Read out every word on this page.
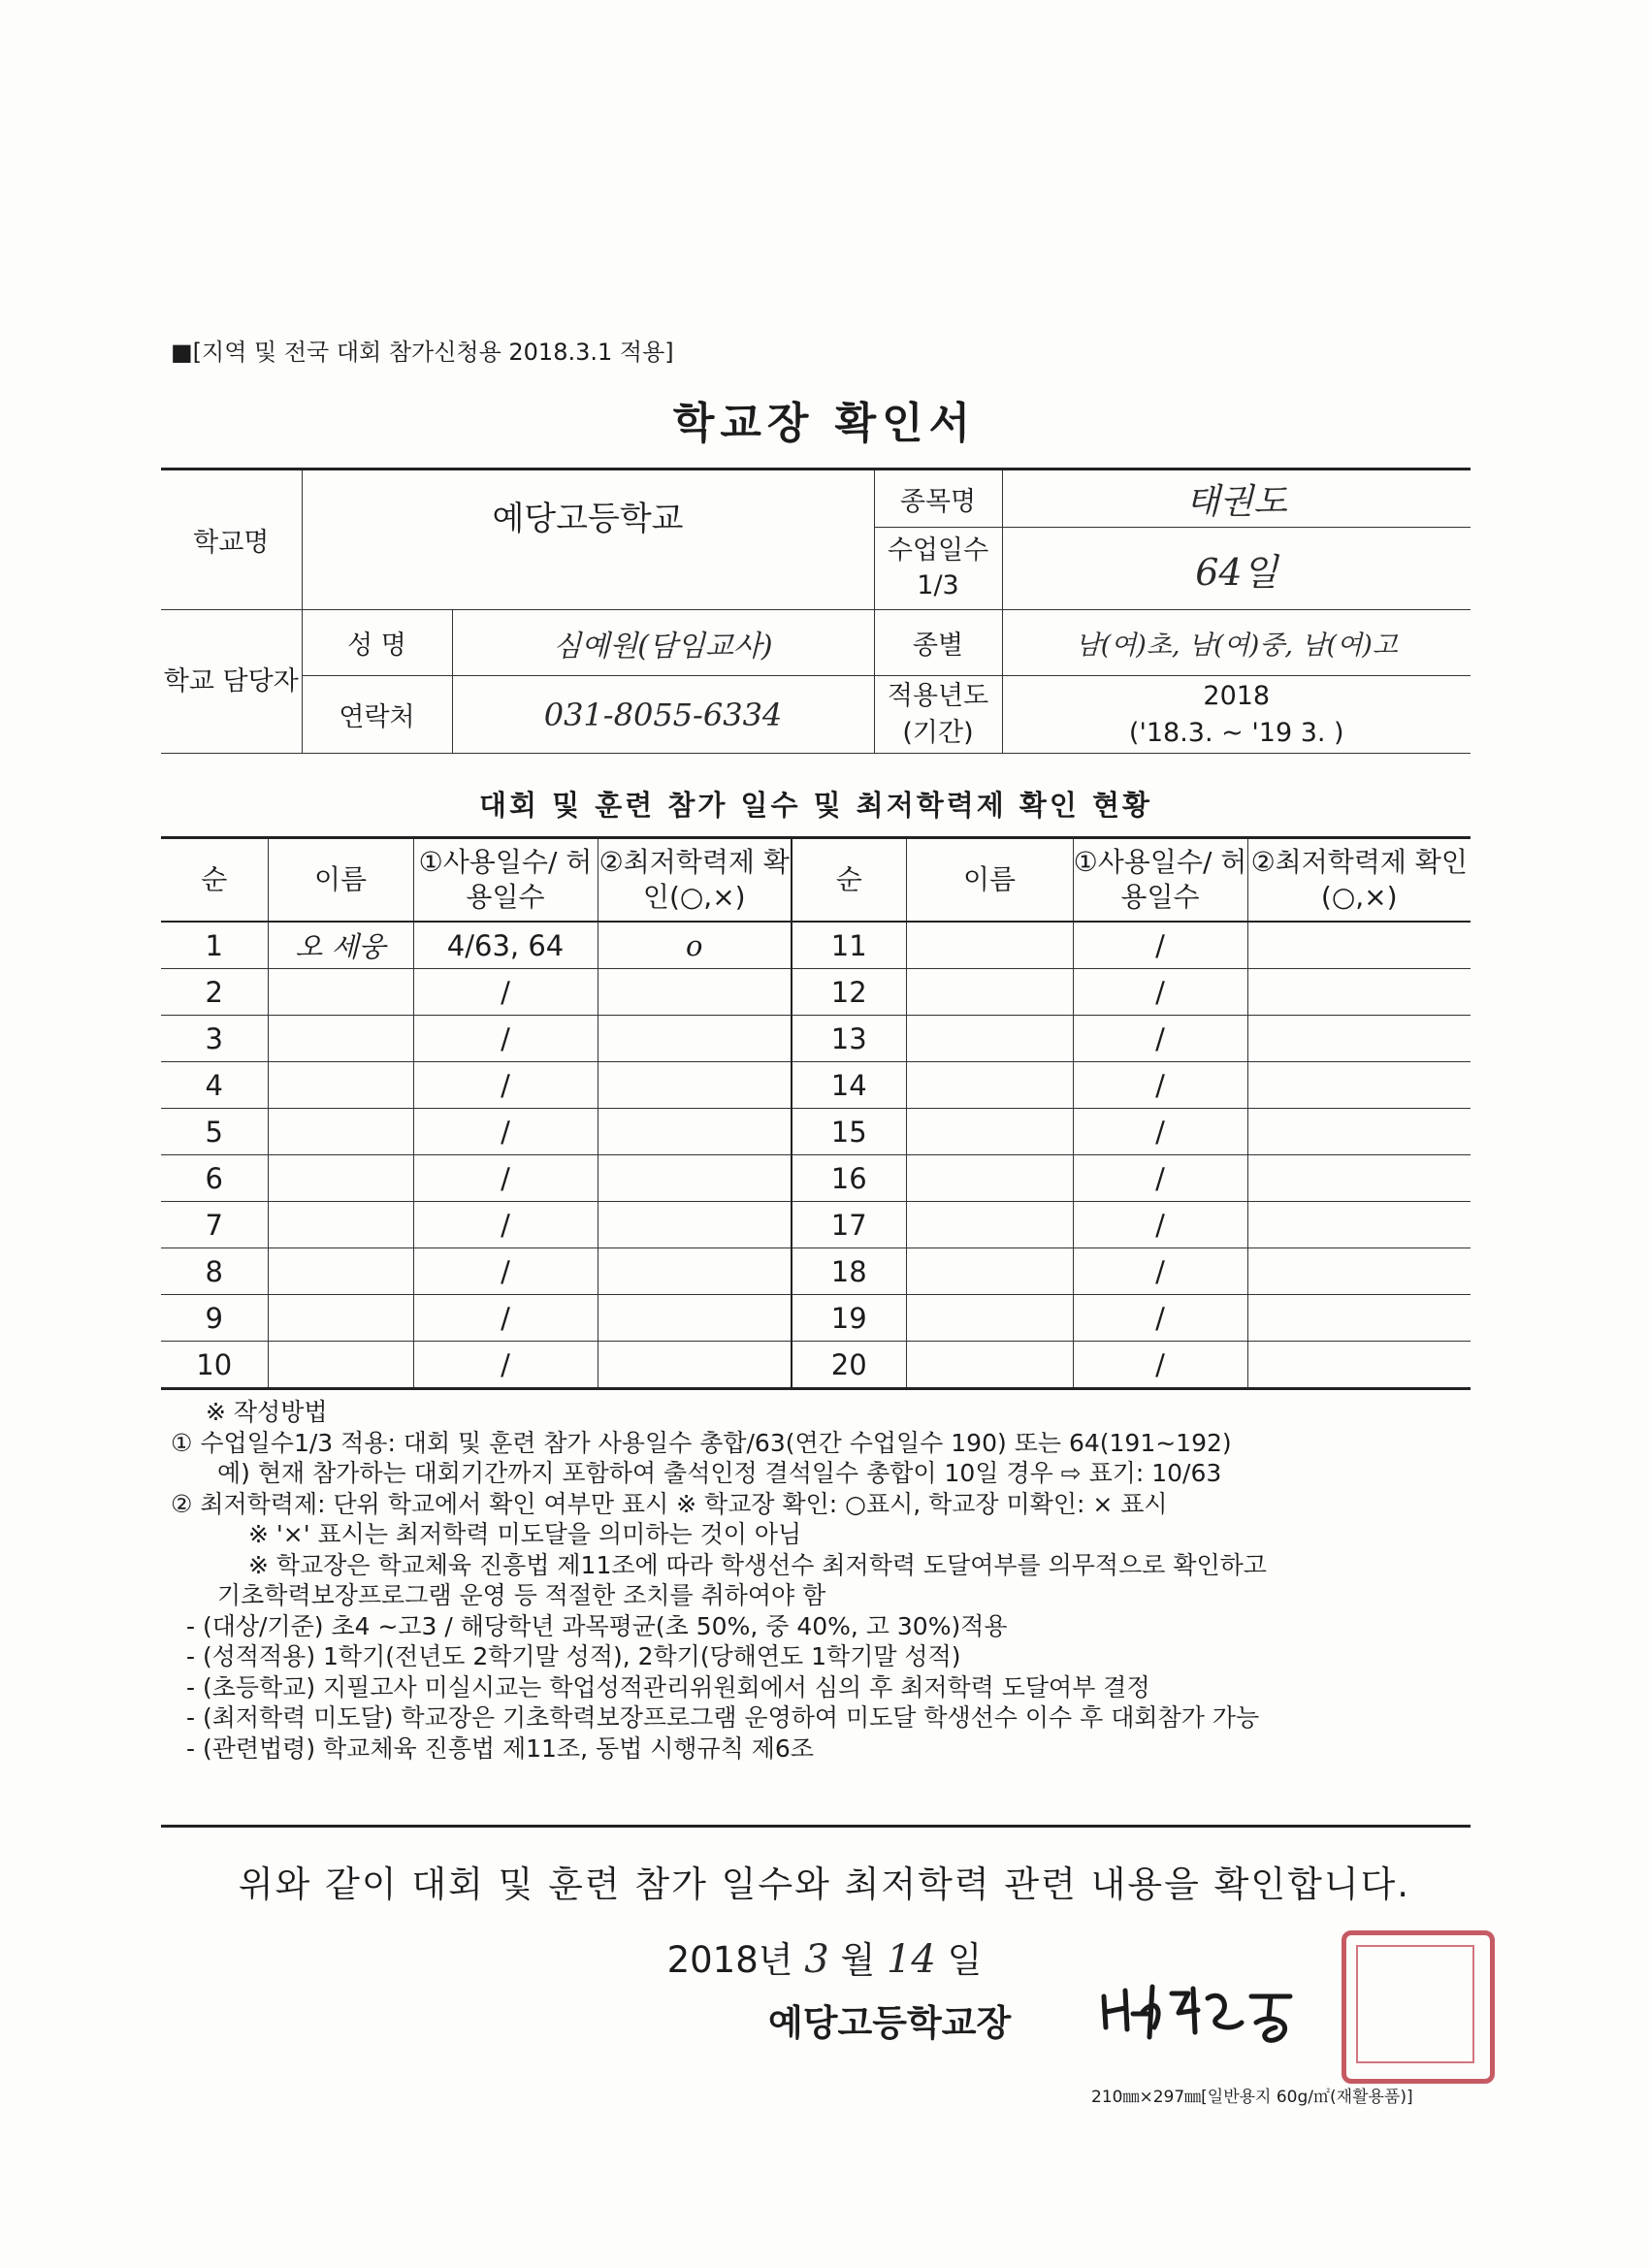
■[지역 및 전국 대회 참가신청용 2018.3.1 적용]
학교장 확인서
학교명	예당고등학교		종목명	태권도
			수업일수 1/3	64일
학교 담당자	성 명	심예원(담임교사)	종별	남(여)초, 남(여)중, 남(여)고
	연락처	031-8055-6334	적용년도 (기간)	2018
('18.3. ~ '19 3. )
대회 및 훈련 참가 일수 및 최저학력제 확인 현황
순	이름	①사용일수/ 허용일수	②최저학력제 확인(○,×)	순	이름	①사용일수/ 허용일수	②최저학력제 확인(○,×)
1	오 세웅	4/63, 64	o	11		/	
2		/		12		/	
3		/		13		/	
4		/		14		/	
5		/		15		/	
6		/		16		/	
7		/		17		/	
8		/		18		/	
9		/		19		/	
10		/		20		/	
※ 작성방법
① 수업일수1/3 적용: 대회 및 훈련 참가 사용일수 총합/63(연간 수업일수 190) 또는 64(191~192)
예) 현재 참가하는 대회기간까지 포함하여 출석인정 결석일수 총합이 10일 경우 ⇨ 표기: 10/63
② 최저학력제: 단위 학교에서 확인 여부만 표시 ※ 학교장 확인: ○표시, 학교장 미확인: × 표시
※ '×' 표시는 최저학력 미도달을 의미하는 것이 아님
※ 학교장은 학교체육 진흥법 제11조에 따라 학생선수 최저학력 도달여부를 의무적으로 확인하고
기초학력보장프로그램 운영 등 적절한 조치를 취하여야 함
- (대상/기준) 초4 ~고3 / 해당학년 과목평균(초 50%, 중 40%, 고 30%)적용
- (성적적용) 1학기(전년도 2학기말 성적), 2학기(당해연도 1학기말 성적)
- (초등학교) 지필고사 미실시교는 학업성적관리위원회에서 심의 후 최저학력 도달여부 결정
- (최저학력 미도달) 학교장은 기초학력보장프로그램 운영하여 미도달 학생선수 이수 후 대회참가 가능
- (관련법령) 학교체육 진흥법 제11조, 동법 시행규칙 제6조
위와 같이 대회 및 훈련 참가 일수와 최저학력 관련 내용을 확인합니다.
2018년 3 월 14 일
예당고등학교장
210㎜×297㎜[일반용지 60g/㎡(재활용품)]
